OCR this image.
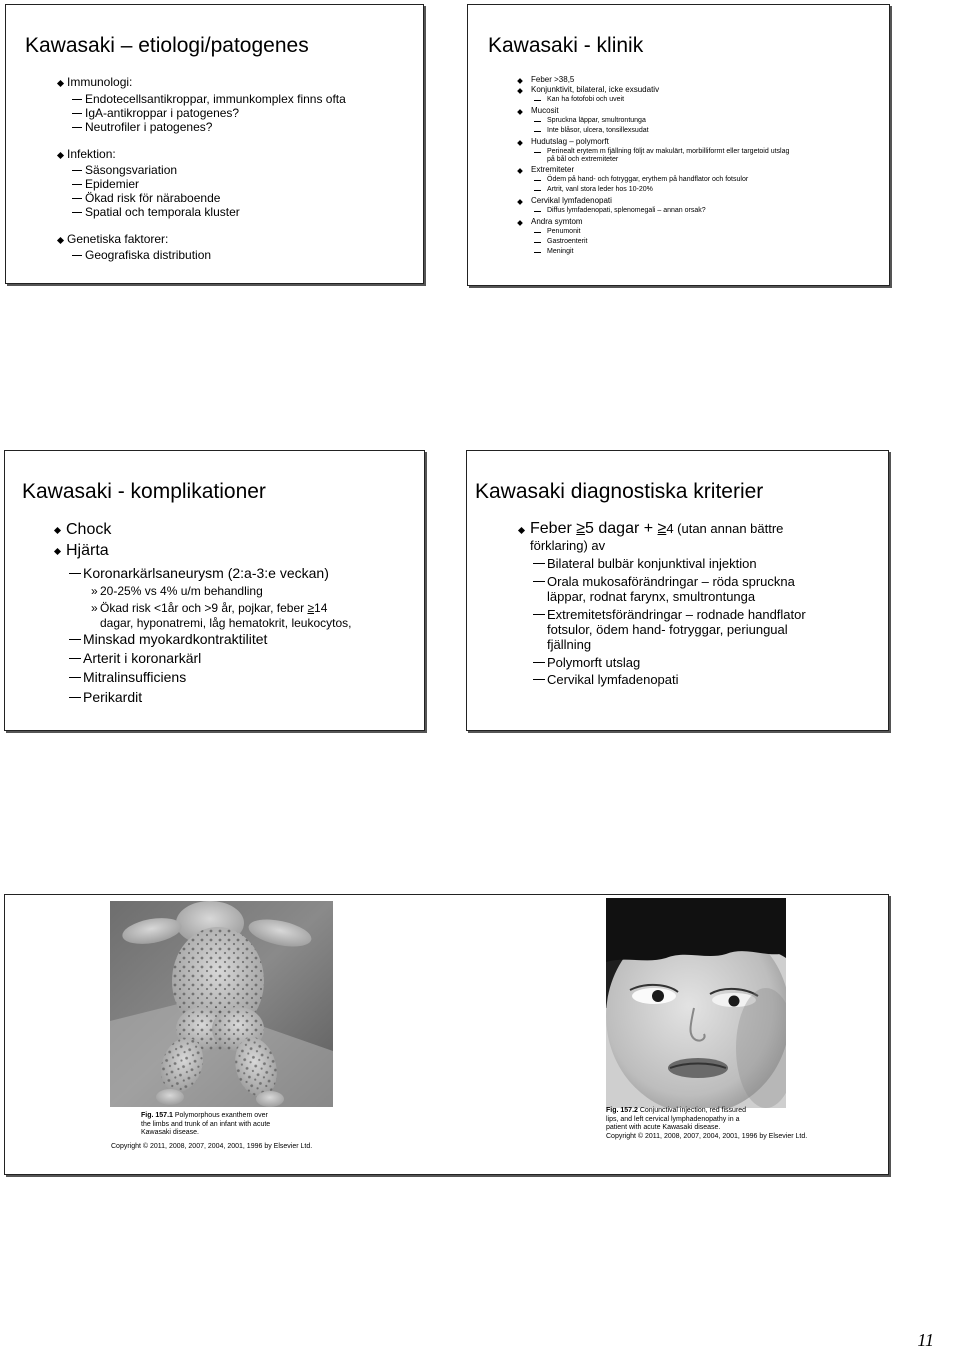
Kawasaki – etiologi/patogenes
Immunologi:
Endotecellsantikroppar, immunkomplex finns ofta
IgA-antikroppar i patogenes?
Neutrofiler i patogenes?
Infektion:
Säsongsvariation
Epidemier
Ökad risk för näraboende
Spatial och temporala kluster
Genetiska faktorer:
Geografiska distribution
Kawasaki - klinik
Feber >38,5
Konjunktivit, bilateral, icke exsudativ
Kan ha fotofobi och uveit
Mucosit
Spruckna läppar, smultrontunga
Inte blåsor, ulcera, tonsillexsudat
Hudutslag – polymorft
Perinealt erytem m fjällning följt av makulärt, morbilliformt eller targetoid utslag
på bål och extremiteter
Extremiteter
Ödem på hand- och fotryggar, erythem på handflator och fotsulor
Artrit, vanl stora leder hos 10-20%
Cervikal lymfadenopati
Diffus lymfadenopati, splenomegali – annan orsak?
Andra symtom
Penumonit
Gastroenterit
Meningit
Kawasaki - komplikationer
Chock
Hjärta
Koronarkärlsaneurysm (2:a-3:e veckan)
» 20-25% vs 4% u/m behandling
» Ökad risk <1år och >9 år, pojkar, feber ≥14
dagar, hyponatremi, låg hematokrit, leukocytos,
Minskad myokardkontraktilitet
Arterit i koronarkärl
Mitralinsufficiens
Perikardit
Kawasaki diagnostiska kriterier
Feber ≥5 dagar + ≥4 (utan annan bättre
förklaring) av
Bilateral bulbär konjunktival injektion
Orala mukosaförändringar – röda spruckna
läppar, rodnat farynx, smultrontunga
Extremitetsförändringar – rodnade handflator
fotsulor, ödem hand- fotryggar, periungual
fjällning
Polymorft utslag
Cervikal lymfadenopati
Fig. 157.1 Polymorphous exanthem over
the limbs and trunk of an infant with acute
Kawasaki disease.
Copyright © 2011, 2008, 2007, 2004, 2001, 1996 by Elsevier Ltd.
Fig. 157.2 Conjunctival injection, red fissured
lips, and left cervical lymphadenopathy in a
patient with acute Kawasaki disease.
Copyright © 2011, 2008, 2007, 2004, 2001, 1996 by Elsevier Ltd.
11
